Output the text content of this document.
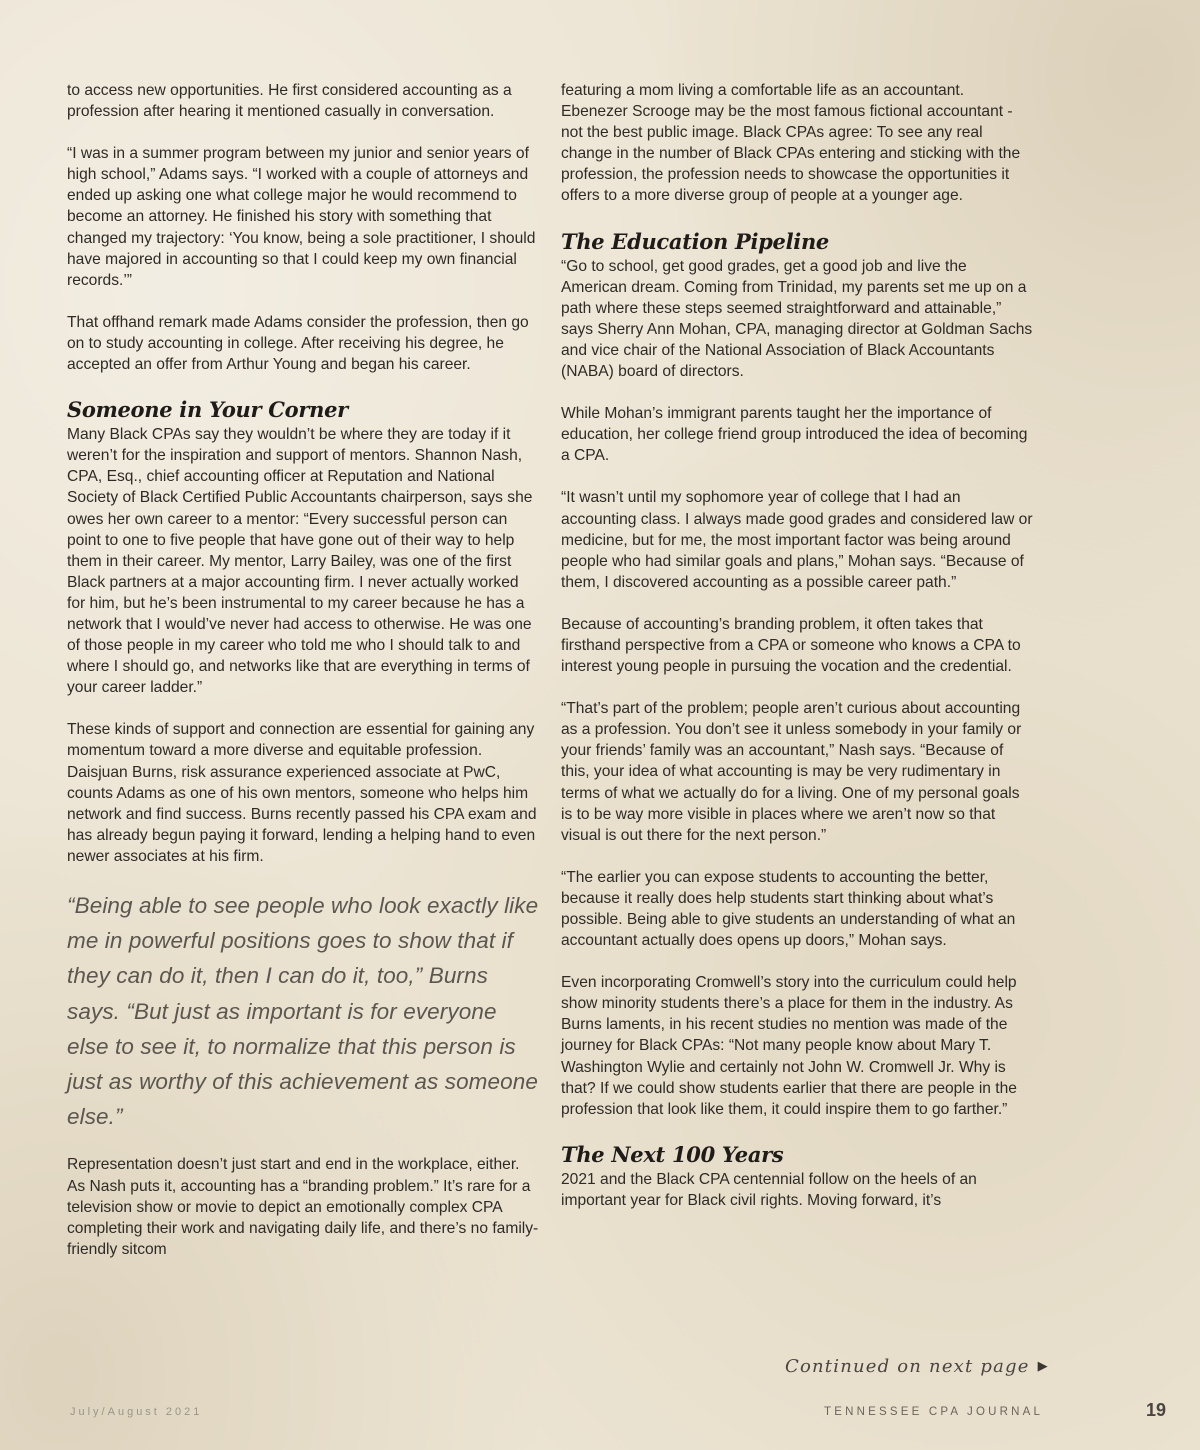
to access new opportunities. He first considered accounting as a profession after hearing it mentioned casually in conversation.

“I was in a summer program between my junior and senior years of high school,” Adams says. “I worked with a couple of attorneys and ended up asking one what college major he would recommend to become an attorney. He finished his story with something that changed my trajectory: ‘You know, being a sole practitioner, I should have majored in accounting so that I could keep my own financial records.’”

That offhand remark made Adams consider the profession, then go on to study accounting in college. After receiving his degree, he accepted an offer from Arthur Young and began his career.

Someone in Your Corner

Many Black CPAs say they wouldn’t be where they are today if it weren’t for the inspiration and support of mentors. Shannon Nash, CPA, Esq., chief accounting officer at Reputation and National Society of Black Certified Public Accountants chairperson, says she owes her own career to a mentor: “Every successful person can point to one to five people that have gone out of their way to help them in their career. My mentor, Larry Bailey, was one of the first Black partners at a major accounting firm. I never actually worked for him, but he’s been instrumental to my career because he has a network that I would’ve never had access to otherwise. He was one of those people in my career who told me who I should talk to and where I should go, and networks like that are everything in terms of your career ladder.”

These kinds of support and connection are essential for gaining any momentum toward a more diverse and equitable profession. Daisjuan Burns, risk assurance experienced associate at PwC, counts Adams as one of his own mentors, someone who helps him network and find success. Burns recently passed his CPA exam and has already begun paying it forward, lending a helping hand to even newer associates at his firm.

“Being able to see people who look exactly like me in powerful positions goes to show that if they can do it, then I can do it, too,” Burns says. “But just as important is for everyone else to see it, to normalize that this person is just as worthy of this achievement as someone else.”

Representation doesn’t just start and end in the workplace, either. As Nash puts it, accounting has a “branding problem.” It’s rare for a television show or movie to depict an emotionally complex CPA completing their work and navigating daily life, and there’s no family-friendly sitcom

featuring a mom living a comfortable life as an accountant. Ebenezer Scrooge may be the most famous fictional accountant - not the best public image. Black CPAs agree: To see any real change in the number of Black CPAs entering and sticking with the profession, the profession needs to showcase the opportunities it offers to a more diverse group of people at a younger age.

The Education Pipeline

“Go to school, get good grades, get a good job and live the American dream. Coming from Trinidad, my parents set me up on a path where these steps seemed straightforward and attainable,” says Sherry Ann Mohan, CPA, managing director at Goldman Sachs and vice chair of the National Association of Black Accountants (NABA) board of directors.

While Mohan’s immigrant parents taught her the importance of education, her college friend group introduced the idea of becoming a CPA.

“It wasn’t until my sophomore year of college that I had an accounting class. I always made good grades and considered law or medicine, but for me, the most important factor was being around people who had similar goals and plans,” Mohan says. “Because of them, I discovered accounting as a possible career path.”

Because of accounting’s branding problem, it often takes that firsthand perspective from a CPA or someone who knows a CPA to interest young people in pursuing the vocation and the credential.

“That’s part of the problem; people aren’t curious about accounting as a profession. You don’t see it unless somebody in your family or your friends’ family was an accountant,” Nash says. “Because of this, your idea of what accounting is may be very rudimentary in terms of what we actually do for a living. One of my personal goals is to be way more visible in places where we aren’t now so that visual is out there for the next person.”

“The earlier you can expose students to accounting the better, because it really does help students start thinking about what’s possible. Being able to give students an understanding of what an accountant actually does opens up doors,” Mohan says.

Even incorporating Cromwell’s story into the curriculum could help show minority students there’s a place for them in the industry. As Burns laments, in his recent studies no mention was made of the journey for Black CPAs: “Not many people know about Mary T. Washington Wylie and certainly not John W. Cromwell Jr. Why is that? If we could show students earlier that there are people in the profession that look like them, it could inspire them to go farther.”

The Next 100 Years

2021 and the Black CPA centennial follow on the heels of an important year for Black civil rights. Moving forward, it’s

Continued on next page ▶
July/August 2021	TENNESSEE CPA JOURNAL	19
